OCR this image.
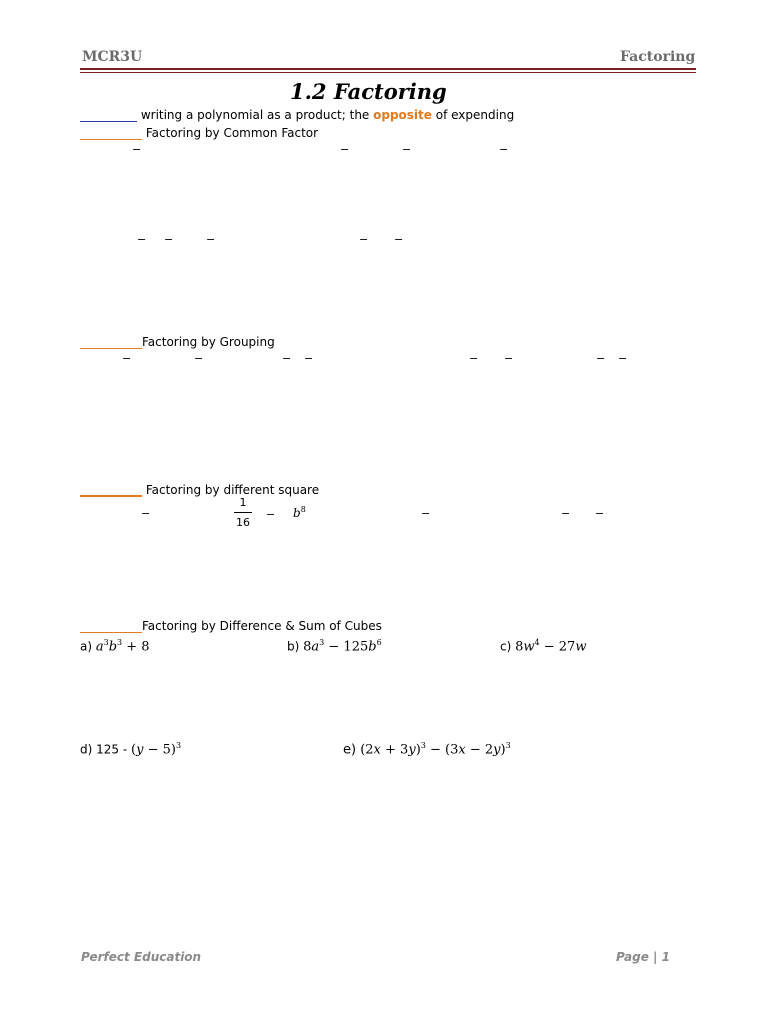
MCR3U	Factoring
1.2 Factoring
writing a polynomial as a product; the opposite of expending
Factoring by Common Factor
−	−	−	−
− −	−	− −
Factoring by Grouping
−	−	− −	− −	− −
Factoring by different square
−	$\frac{1}{16} - b^8$	−	− −
Factoring by Difference & Sum of Cubes
a) $a^3b^3 + 8$	b) $8a^3 - 125b^6$	c) $8w^4 - 27w$
d) $125 - (y - 5)^3$	e) $(2x + 3y)^3 - (3x - 2y)^3$
Perfect Education	Page | 1
